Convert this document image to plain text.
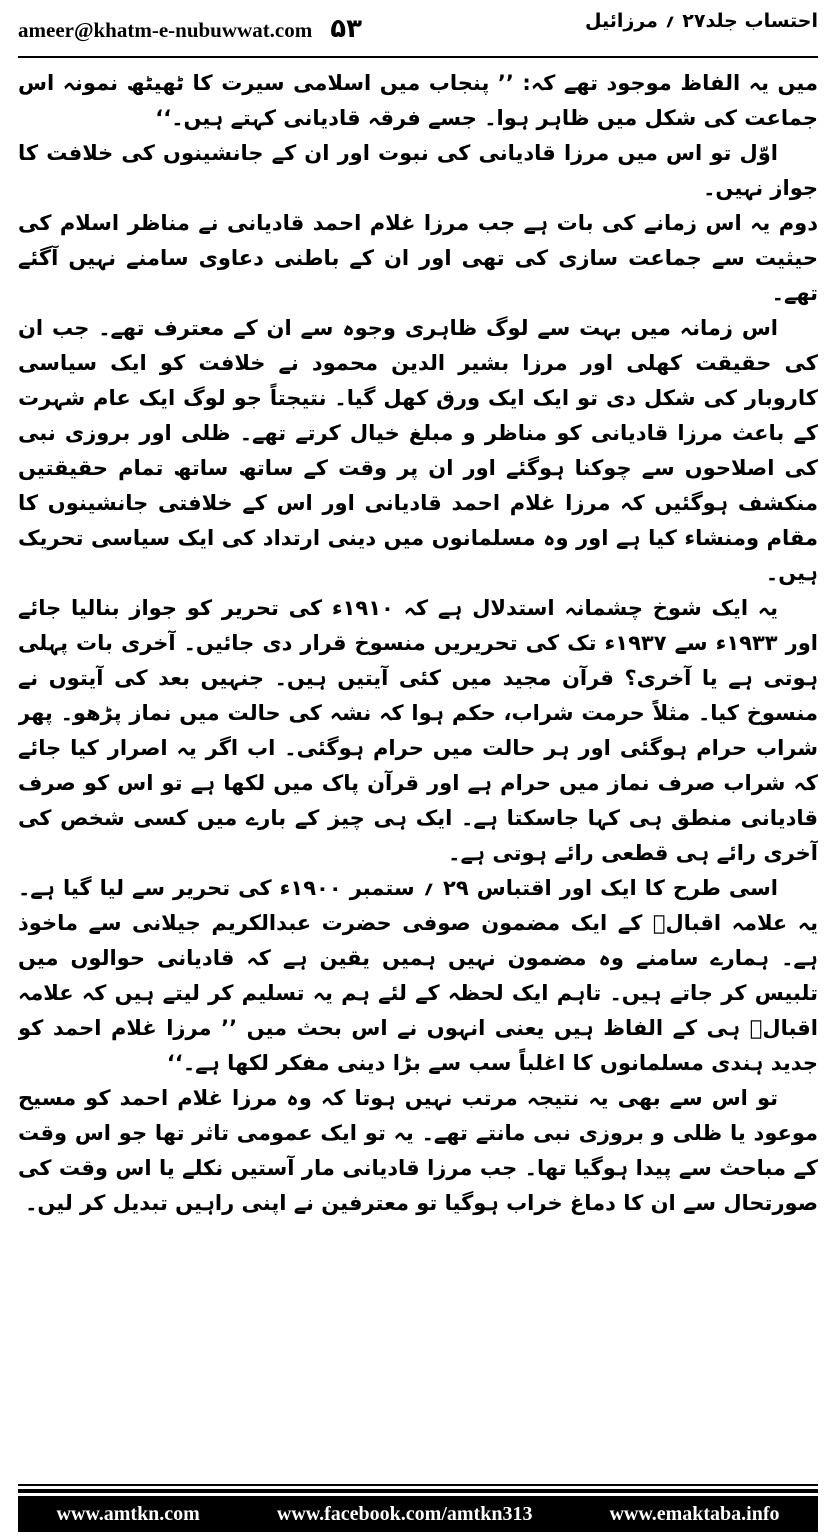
ameer@khatm-e-nubuwwat.com ۵۳	احتساب جلد۲۷ ؍ مرزائیل

میں یہ الفاظ موجود تھے کہ: ’’ پنجاب میں اسلامی سیرت کا ٹھیٹھ نمونہ اس جماعت کی شکل میں ظاہر ہوا۔ جسے فرقہ قادیانی کہتے ہیں۔‘‘

اوّل تو اس میں مرزا قادیانی کی نبوت اور ان کے جانشینوں کی خلافت کا جواز نہیں۔

دوم یہ اس زمانے کی بات ہے جب مرزا غلام احمد قادیانی نے مناظر اسلام کی حیثیت سے جماعت سازی کی تھی اور ان کے باطنی دعاوی سامنے نہیں آگئے تھے۔

اس زمانہ میں بہت سے لوگ ظاہری وجوہ سے ان کے معترف تھے۔ جب ان کی حقیقت کھلی اور مرزا بشیر الدین محمود نے خلافت کو ایک سیاسی کاروبار کی شکل دی تو ایک ایک ورق کھل گیا۔ نتیجتاً جو لوگ ایک عام شہرت کے باعث مرزا قادیانی کو مناظر و مبلغ خیال کرتے تھے۔ ظلی اور بروزی نبی کی اصلاحوں سے چوکنا ہوگئے اور ان پر وقت کے ساتھ ساتھ تمام حقیقتیں منکشف ہوگئیں کہ مرزا غلام احمد قادیانی اور اس کے خلافتی جانشینوں کا مقام ومنشاء کیا ہے اور وہ مسلمانوں میں دینی ارتداد کی ایک سیاسی تحریک ہیں۔

یہ ایک شوخ چشمانہ استدلال ہے کہ ۱۹۱۰ء کی تحریر کو جواز بنالیا جائے اور ۱۹۳۳ء سے ۱۹۳۷ء تک کی تحریریں منسوخ قرار دی جائیں۔ آخری بات پہلی ہوتی ہے یا آخری؟ قرآن مجید میں کئی آیتیں ہیں۔ جنہیں بعد کی آیتوں نے منسوخ کیا۔ مثلاً حرمت شراب، حکم ہوا کہ نشہ کی حالت میں نماز پڑھو۔ پھر شراب حرام ہوگئی اور ہر حالت میں حرام ہوگئی۔ اب اگر یہ اصرار کیا جائے کہ شراب صرف نماز میں حرام ہے اور قرآن پاک میں لکھا ہے تو اس کو صرف قادیانی منطق ہی کہا جاسکتا ہے۔ ایک ہی چیز کے بارے میں کسی شخص کی آخری رائے ہی قطعی رائے ہوتی ہے۔

اسی طرح کا ایک اور اقتباس ۲۹ ؍ ستمبر ۱۹۰۰ء کی تحریر سے لیا گیا ہے۔ یہ علامہ اقبالؒ کے ایک مضمون صوفی حضرت عبدالکریم جیلانی سے ماخوذ ہے۔ ہمارے سامنے وہ مضمون نہیں ہمیں یقین ہے کہ قادیانی حوالوں میں تلبیس کر جاتے ہیں۔ تاہم ایک لحظہ کے لئے ہم یہ تسلیم کر لیتے ہیں کہ علامہ اقبالؒ ہی کے الفاظ ہیں یعنی انہوں نے اس بحث میں ’’ مرزا غلام احمد کو جدید ہندی مسلمانوں کا اغلباً سب سے بڑا دینی مفکر لکھا ہے۔‘‘

تو اس سے بھی یہ نتیجہ مرتب نہیں ہوتا کہ وہ مرزا غلام احمد کو مسیح موعود یا ظلی و بروزی نبی مانتے تھے۔ یہ تو ایک عمومی تاثر تھا جو اس وقت کے مباحث سے پیدا ہوگیا تھا۔ جب مرزا قادیانی مار آستیں نکلے یا اس وقت کی صورتحال سے ان کا دماغ خراب ہوگیا تو معترفین نے اپنی راہیں تبدیل کر لیں۔

www.amtkn.com	www.facebook.com/amtkn313	www.emaktaba.info
